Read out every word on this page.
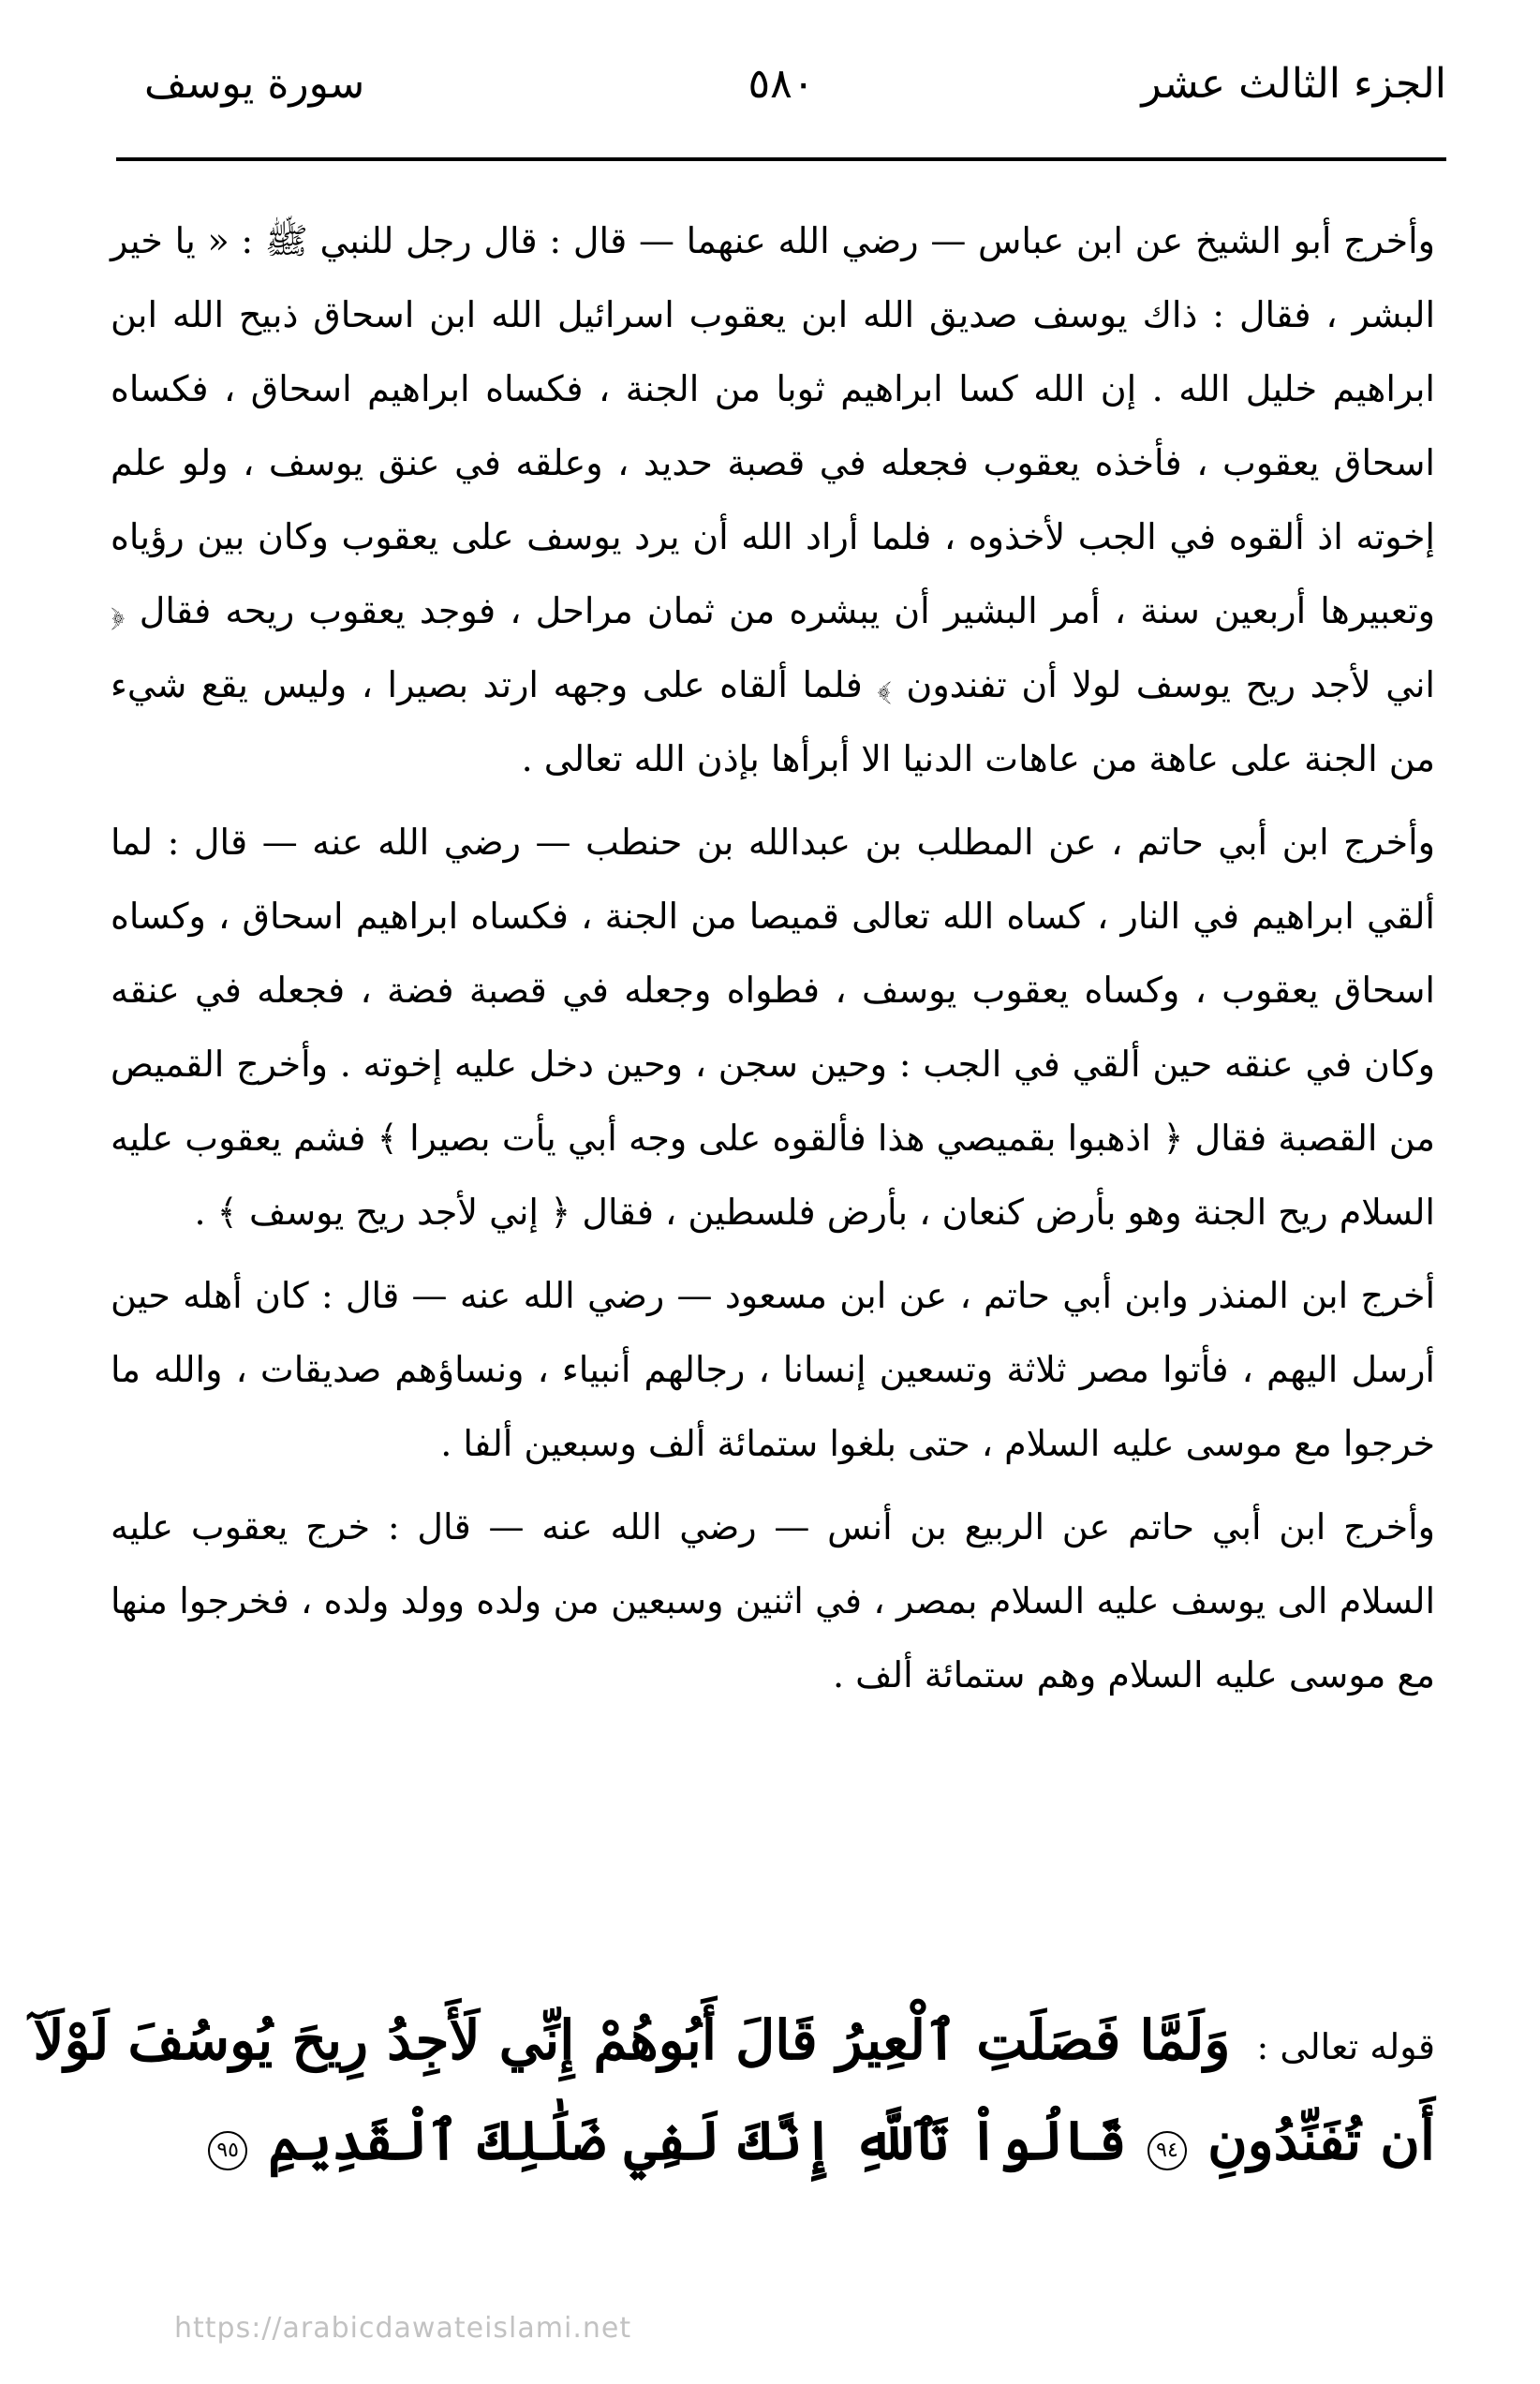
الجزء الثالث عشر
٥٨٠
سورة يوسف

وأخرج أبو الشيخ عن ابن عباس — رضي الله عنهما — قال : قال رجل للنبي ﷺ : « يا خير البشر ، فقال : ذاك يوسف صديق الله ابن يعقوب اسرائيل الله ابن اسحاق ذبيح الله ابن ابراهيم خليل الله . إن الله كسا ابراهيم ثوبا من الجنة ، فكساه ابراهيم اسحاق ، فكساه اسحاق يعقوب ، فأخذه يعقوب فجعله في قصبة حديد ، وعلقه في عنق يوسف ، ولو علم إخوته اذ ألقوه في الجب لأخذوه ، فلما أراد الله أن يرد يوسف على يعقوب وكان بين رؤياه وتعبيرها أربعين سنة ، أمر البشير أن يبشره من ثمان مراحل ، فوجد يعقوب ريحه فقال ﴿ اني لأجد ريح يوسف لولا أن تفندون ﴾ فلما ألقاه على وجهه ارتد بصيرا ، وليس يقع شيء من الجنة على عاهة من عاهات الدنيا الا أبرأها بإذن الله تعالى .

وأخرج ابن أبي حاتم ، عن المطلب بن عبدالله بن حنطب — رضي الله عنه — قال : لما ألقي ابراهيم في النار ، كساه الله تعالى قميصا من الجنة ، فكساه ابراهيم اسحاق ، وكساه اسحاق يعقوب ، وكساه يعقوب يوسف ، فطواه وجعله في قصبة فضة ، فجعله في عنقه وكان في عنقه حين ألقي في الجب : وحين سجن ، وحين دخل عليه إخوته . وأخرج القميص من القصبة فقال ﴿ اذهبوا بقميصي هذا فألقوه على وجه أبي يأت بصيرا ﴾ فشم يعقوب عليه السلام ريح الجنة وهو بأرض كنعان ، بأرض فلسطين ، فقال ﴿ إني لأجد ريح يوسف ﴾ .

أخرج ابن المنذر وابن أبي حاتم ، عن ابن مسعود — رضي الله عنه — قال : كان أهله حين أرسل اليهم ، فأتوا مصر ثلاثة وتسعين إنسانا ، رجالهم أنبياء ، ونساؤهم صديقات ، والله ما خرجوا مع موسى عليه السلام ، حتى بلغوا ستمائة ألف وسبعين ألفا .

وأخرج ابن أبي حاتم عن الربيع بن أنس — رضي الله عنه — قال : خرج يعقوب عليه السلام الى يوسف عليه السلام بمصر ، في اثنين وسبعين من ولده وولد ولده ، فخرجوا منها مع موسى عليه السلام وهم ستمائة ألف .

قوله تعالى : وَلَمَّا فَصَلَتِ ٱلْعِيرُ قَالَ أَبُوهُمْ إِنِّي لَأَجِدُ رِيحَ يُوسُفَ لَوْلَآ
أَن تُفَنِّدُونِ ٩٤ قَالُواْ تَٱللَّهِ إِنَّكَ لَفِي ضَلَٰلِكَ ٱلْقَدِيمِ ٩٥
https://arabicdawateislami.net
